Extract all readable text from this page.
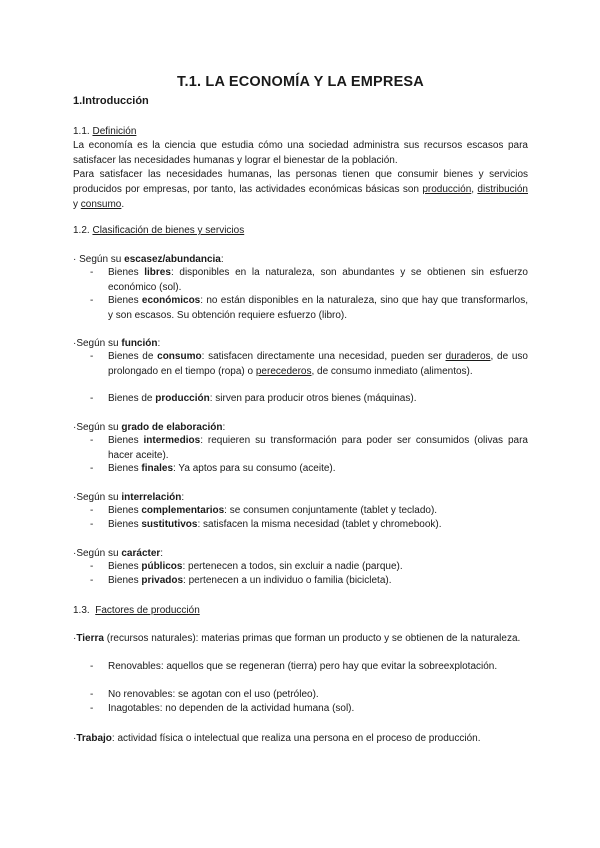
T.1. LA ECONOMÍA Y LA EMPRESA
1.Introducción
1.1. Definición
La economía es la ciencia que estudia cómo una sociedad administra sus recursos escasos para satisfacer las necesidades humanas y lograr el bienestar de la población.
Para satisfacer las necesidades humanas, las personas tienen que consumir bienes y servicios producidos por empresas, por tanto, las actividades económicas básicas son producción, distribución y consumo.
1.2. Clasificación de bienes y servicios
· Según su escasez/abundancia:
- Bienes libres: disponibles en la naturaleza, son abundantes y se obtienen sin esfuerzo económico (sol).
- Bienes económicos: no están disponibles en la naturaleza, sino que hay que transformarlos, y son escasos. Su obtención requiere esfuerzo (libro).
·Según su función:
- Bienes de consumo: satisfacen directamente una necesidad, pueden ser duraderos, de uso prolongado en el tiempo (ropa) o perecederos, de consumo inmediato (alimentos).
- Bienes de producción: sirven para producir otros bienes (máquinas).
·Según su grado de elaboración:
- Bienes intermedios: requieren su transformación para poder ser consumidos (olivas para hacer aceite).
- Bienes finales: Ya aptos para su consumo (aceite).
·Según su interrelación:
- Bienes complementarios: se consumen conjuntamente (tablet y teclado).
- Bienes sustitutivos: satisfacen la misma necesidad (tablet y chromebook).
·Según su carácter:
- Bienes públicos: pertenecen a todos, sin excluir a nadie (parque).
- Bienes privados: pertenecen a un individuo o familia (bicicleta).
1.3. Factores de producción
·Tierra (recursos naturales): materias primas que forman un producto y se obtienen de la naturaleza.
- Renovables: aquellos que se regeneran (tierra) pero hay que evitar la sobreexplotación.
- No renovables: se agotan con el uso (petróleo).
- Inagotables: no dependen de la actividad humana (sol).
·Trabajo: actividad física o intelectual que realiza una persona en el proceso de producción.
